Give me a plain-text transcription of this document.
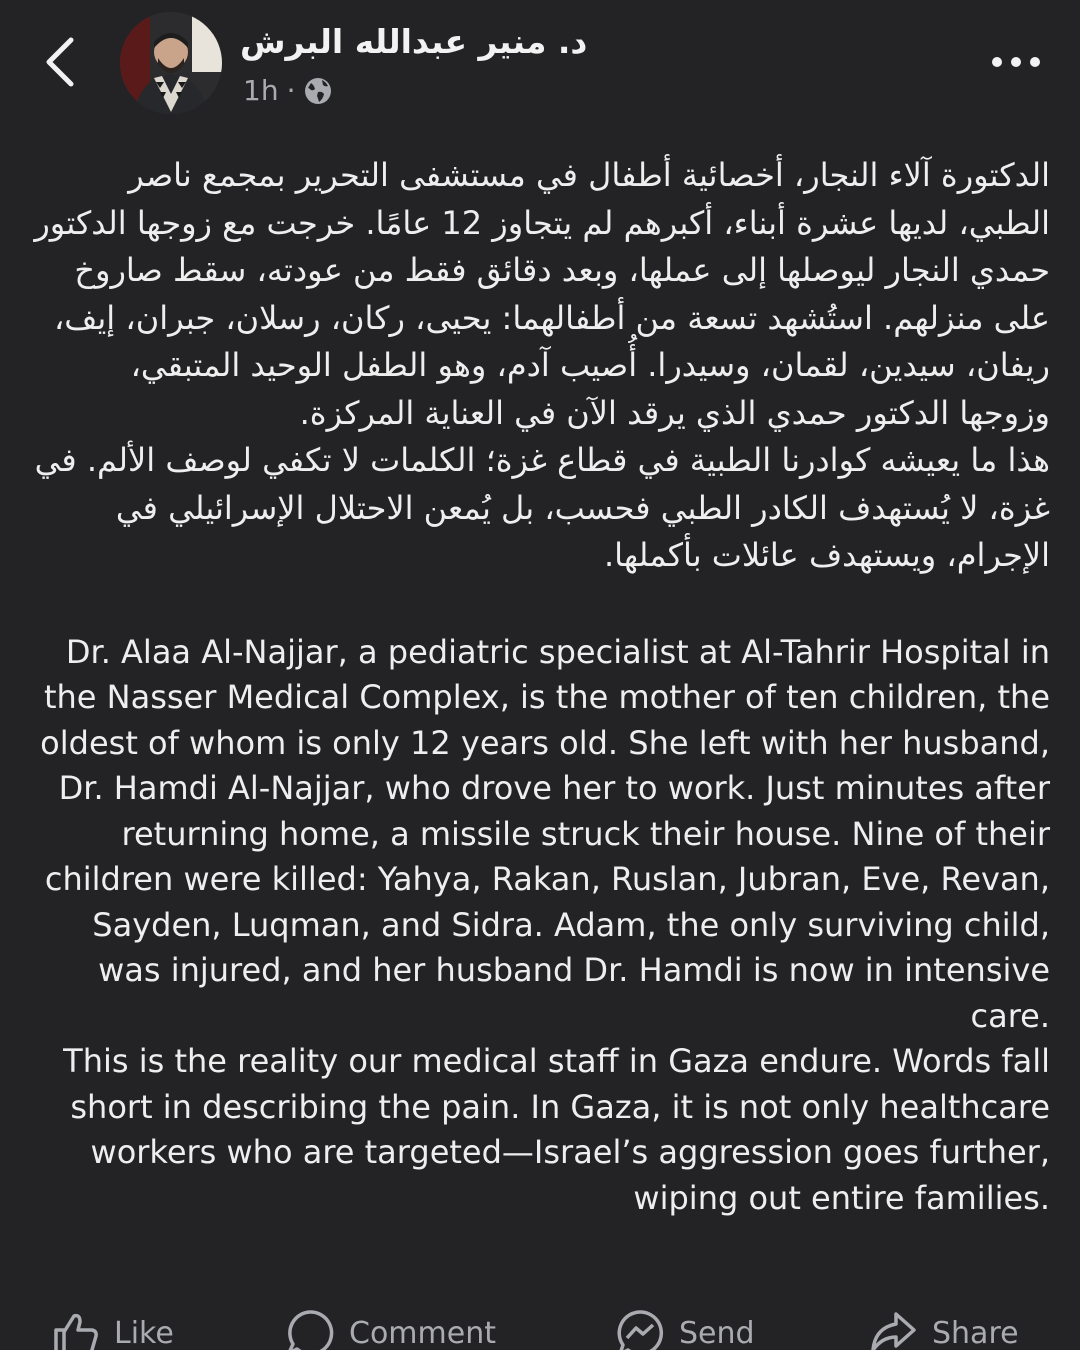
د. منير عبدالله البرش
1h ·

الدكتورة آلاء النجار، أخصائية أطفال في مستشفى التحرير بمجمع ناصر الطبي، لديها عشرة أبناء، أكبرهم لم يتجاوز 12 عامًا. خرجت مع زوجها الدكتور حمدي النجار ليوصلها إلى عملها، وبعد دقائق فقط من عودته، سقط صاروخ على منزلهم. استُشهد تسعة من أطفالهما: يحيى، ركان، رسلان، جبران، إيف، ريفان، سيدين، لقمان، وسيدرا. أُصيب آدم، وهو الطفل الوحيد المتبقي، وزوجها الدكتور حمدي الذي يرقد الآن في العناية المركزة.

هذا ما يعيشه كوادرنا الطبية في قطاع غزة؛ الكلمات لا تكفي لوصف الألم. في غزة، لا يُستهدف الكادر الطبي فحسب، بل يُمعن الاحتلال الإسرائيلي في الإجرام، ويستهدف عائلات بأكملها.

Dr. Alaa Al-Najjar, a pediatric specialist at Al-Tahrir Hospital in the Nasser Medical Complex, is the mother of ten children, the oldest of whom is only 12 years old. She left with her husband, Dr. Hamdi Al-Najjar, who drove her to work. Just minutes after returning home, a missile struck their house. Nine of their children were killed: Yahya, Rakan, Ruslan, Jubran, Eve, Revan, Sayden, Luqman, and Sidra. Adam, the only surviving child, was injured, and her husband Dr. Hamdi is now in intensive care.

This is the reality our medical staff in Gaza endure. Words fall short in describing the pain. In Gaza, it is not only healthcare workers who are targeted—Israel’s aggression goes further, wiping out entire families.

Like	Comment	Send	Share
